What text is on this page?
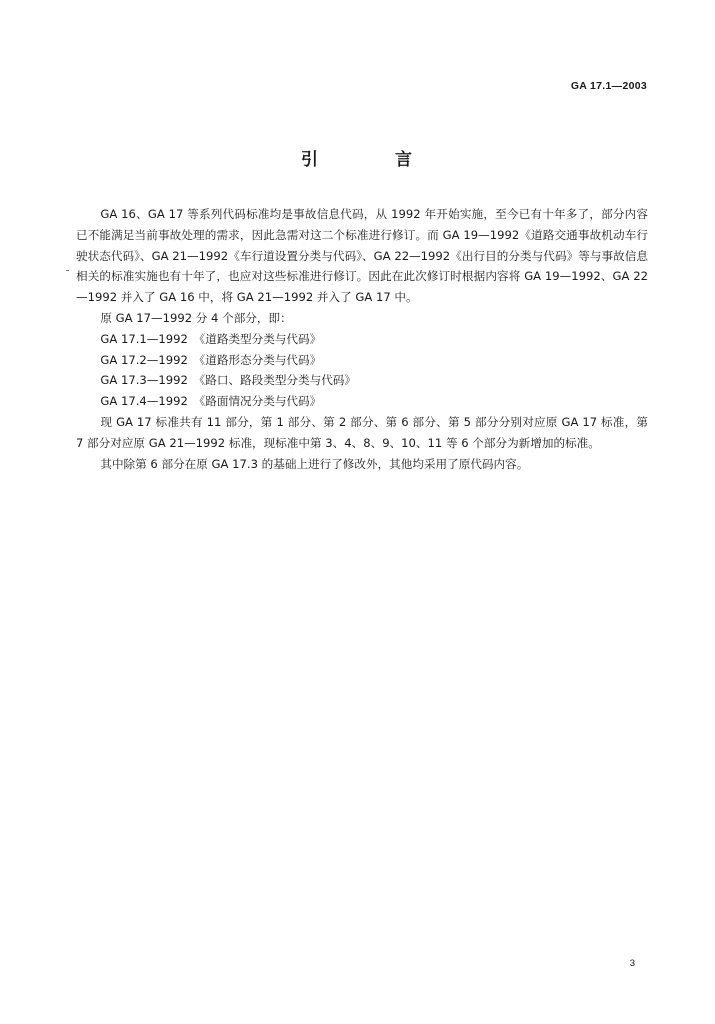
GA 17.1—2003
引　言

GA 16、GA 17 等系列代码标准均是事故信息代码，从 1992 年开始实施，至今已有十年多了，部分内容已不能满足当前事故处理的需求，因此急需对这二个标准进行修订。而 GA 19—1992《道路交通事故机动车行驶状态代码》、GA 21—1992《车行道设置分类与代码》、GA 22—1992《出行目的分类与代码》等与事故信息相关的标准实施也有十年了，也应对这些标准进行修订。因此在此次修订时根据内容将 GA 19—1992、GA 22—1992 并入了 GA 16 中，将 GA 21—1992 并入了 GA 17 中。

原 GA 17—1992 分 4 个部分，即：

GA 17.1—1992　《道路类型分类与代码》

GA 17.2—1992　《道路形态分类与代码》

GA 17.3—1992　《路口、路段类型分类与代码》

GA 17.4—1992　《路面情况分类与代码》

现 GA 17 标准共有 11 部分，第 1 部分、第 2 部分、第 6 部分、第 5 部分分别对应原 GA 17 标准，第 7 部分对应原 GA 21—1992 标准，现标准中第 3、4、8、9、10、11 等 6 个部分为新增加的标准。

其中除第 6 部分在原 GA 17.3 的基础上进行了修改外，其他均采用了原代码内容。

3
